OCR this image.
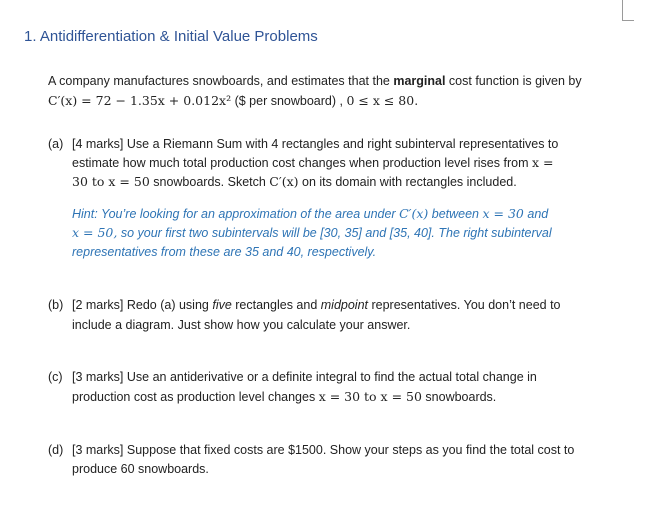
1. Antidifferentiation & Initial Value Problems

A company manufactures snowboards, and estimates that the marginal cost function is given by

C′(x) = 72 − 1.35x + 0.012x² ($ per snowboard) , 0 ≤ x ≤ 80.

(a) [4 marks] Use a Riemann Sum with 4 rectangles and right subinterval representatives to

estimate how much total production cost changes when production level rises from x =

30 to x = 50 snowboards. Sketch C′(x) on its domain with rectangles included.

Hint: You’re looking for an approximation of the area under C′(x) between x = 30 and

x = 50, so your first two subintervals will be [30, 35] and [35, 40]. The right subinterval

representatives from these are 35 and 40, respectively.

(b) [2 marks] Redo (a) using five rectangles and midpoint representatives. You don’t need to

include a diagram. Just show how you calculate your answer.

(c) [3 marks] Use an antiderivative or a definite integral to find the actual total change in

production cost as production level changes x = 30 to x = 50 snowboards.

(d) [3 marks] Suppose that fixed costs are $1500. Show your steps as you find the total cost to

produce 60 snowboards.
